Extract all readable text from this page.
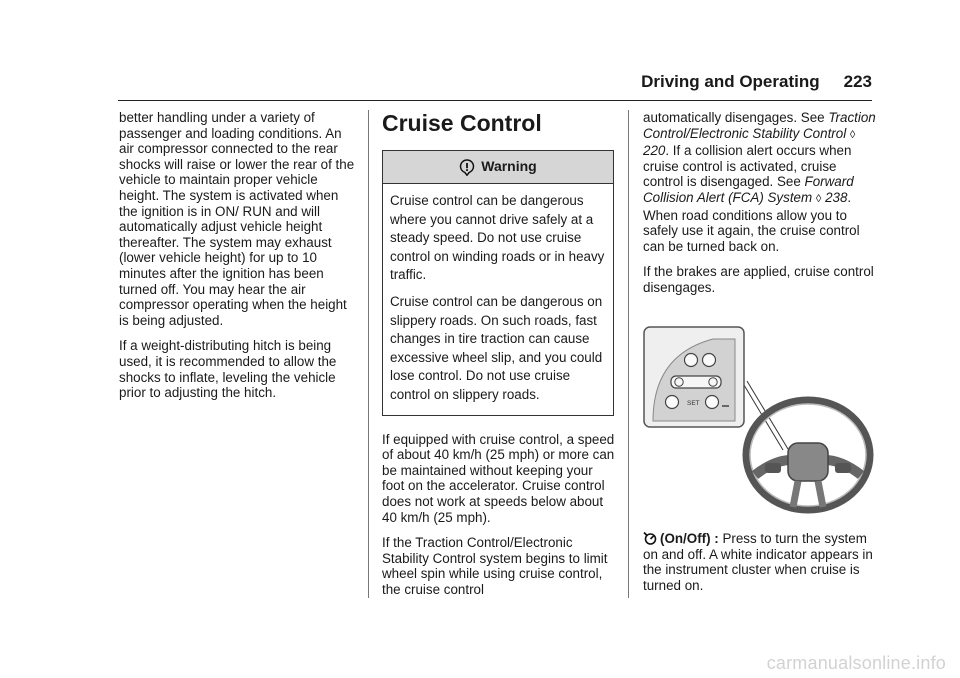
Driving and Operating 223

better handling under a variety of passenger and loading conditions. An air compressor connected to the rear shocks will raise or lower the rear of the vehicle to maintain proper vehicle height. The system is activated when the ignition is in ON/ RUN and will automatically adjust vehicle height thereafter. The system may exhaust (lower vehicle height) for up to 10 minutes after the ignition has been turned off. You may hear the air compressor operating when the height is being adjusted.

If a weight-distributing hitch is being used, it is recommended to allow the shocks to inflate, leveling the vehicle prior to adjusting the hitch.

Cruise Control
Warning

Cruise control can be dangerous where you cannot drive safely at a steady speed. Do not use cruise control on winding roads or in heavy traffic.

Cruise control can be dangerous on slippery roads. On such roads, fast changes in tire traction can cause excessive wheel slip, and you could lose control. Do not use cruise control on slippery roads.

If equipped with cruise control, a speed of about 40 km/h (25 mph) or more can be maintained without keeping your foot on the accelerator. Cruise control does not work at speeds below about 40 km/h (25 mph).

If the Traction Control/Electronic Stability Control system begins to limit wheel spin while using cruise control, the cruise control

automatically disengages. See Traction Control/Electronic Stability Control ◊ 220. If a collision alert occurs when cruise control is activated, cruise control is disengaged. See Forward Collision Alert (FCA) System ◊ 238. When road conditions allow you to safely use it again, the cruise control can be turned back on.

If the brakes are applied, cruise control disengages.

SET

(On/Off) : Press to turn the system on and off. A white indicator appears in the instrument cluster when cruise is turned on.

carmanualsonline.info
